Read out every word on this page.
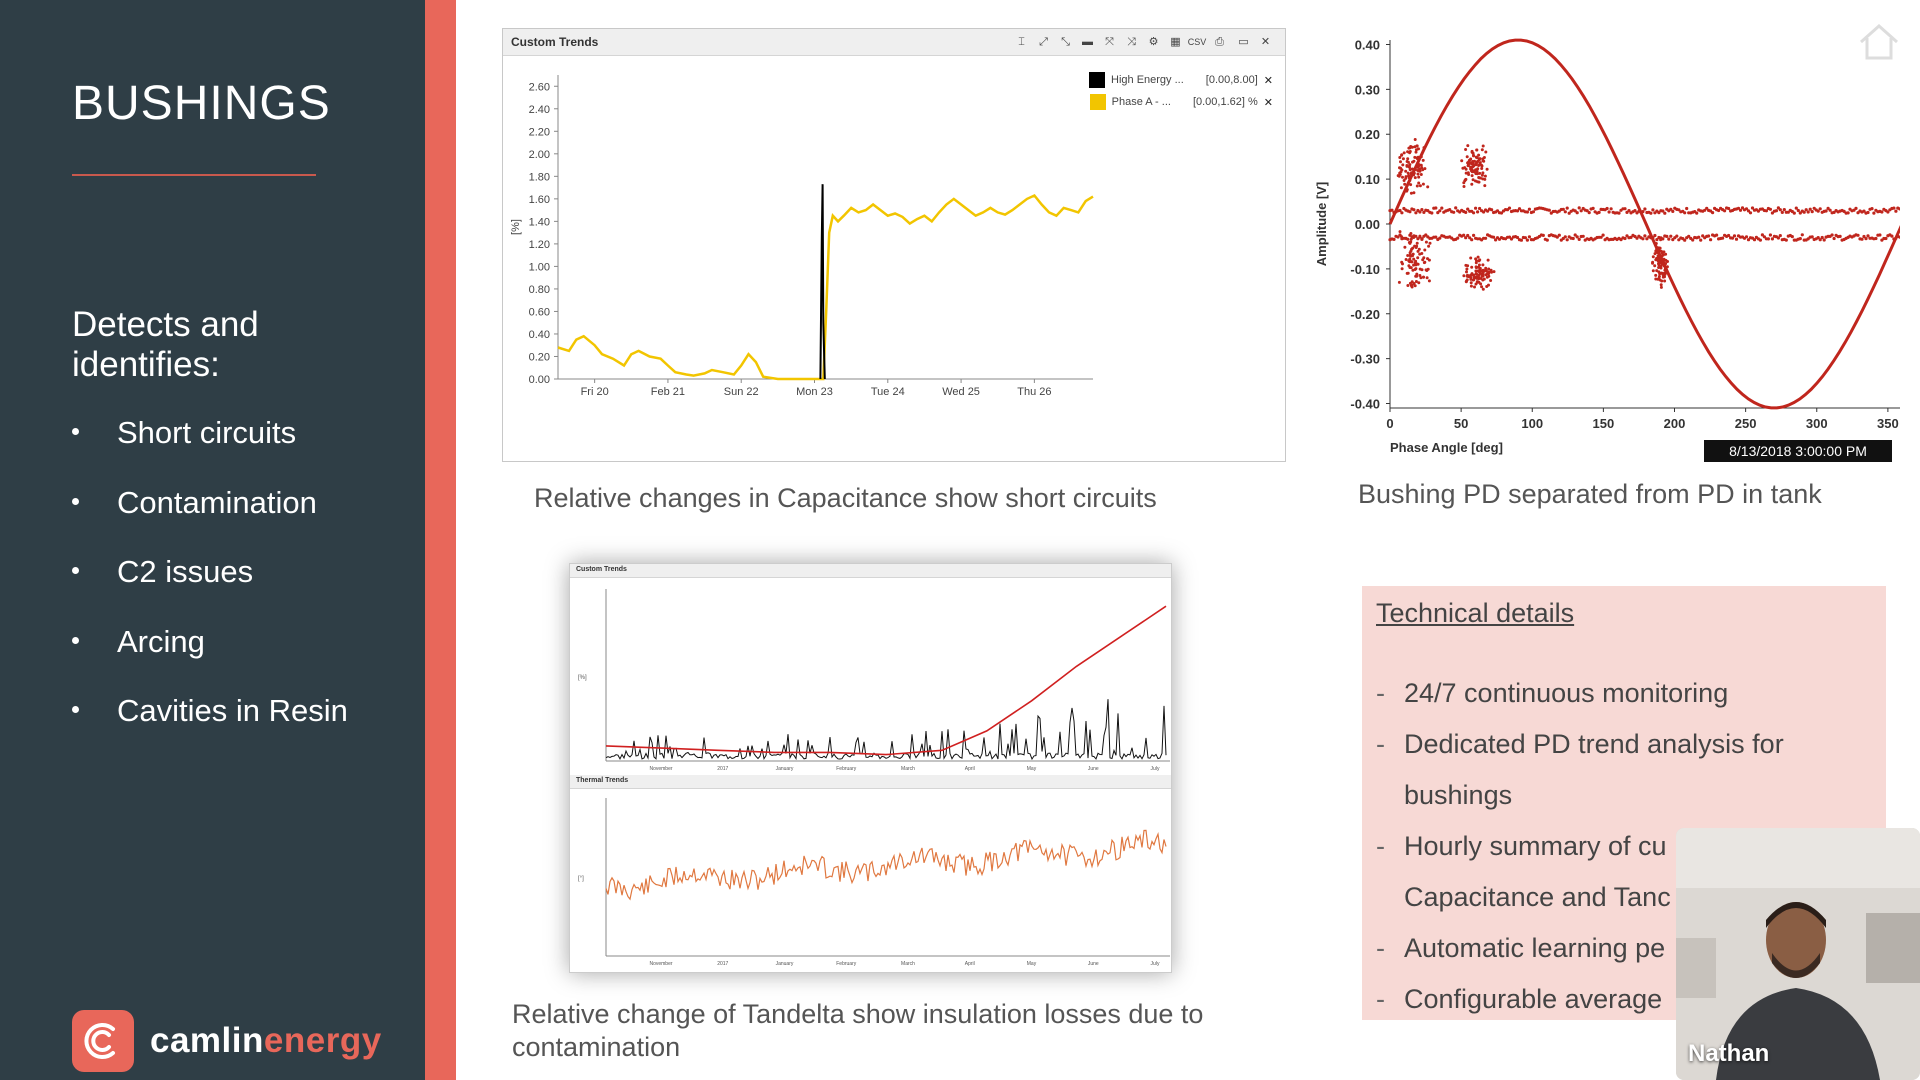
BUSHINGS
Detects and identifies:
Short circuits
Contamination
C2 issues
Arcing
Cavities in Resin
camlinenergy
Custom Trends	⌶	⤢	⤡	▬	⤧	⤨	⚙	▦ CSV ⎙	▭	✕
High Energy ... [0.00,8.00] ✕
Phase A - ... [0.00,1.62] % ✕
0.00
0.20
0.40
0.60
0.80
1.00
1.20
1.40
1.60
1.80
2.00
2.20
2.40
2.60
Fri 20	Feb 21	Sun 22	Mon 23	Tue 24	Wed 25	Thu 26
[%]
Relative changes in Capacitance show short circuits
0.40
0.30
0.20
0.10
0.00
-0.10
-0.20
-0.30
-0.40
0	50	100	150	200	250	300	350
Phase Angle [deg]
Amplitude [V]
8/13/2018 3:00:00 PM
Bushing PD separated from PD in tank
Custom Trends
[%]
November	2017	January	February	March	April	May	June	July
Thermal Trends
[°]
November	2017	January	February	March	April	May	June	July
Relative change of Tandelta show insulation losses due to contamination
Technical details
- 24/7 continuous monitoring
- Dedicated PD trend analysis for bushings
- Hourly summary of cu
Capacitance and Tanc
- Automatic learning pe
- Configurable average
Nathan
